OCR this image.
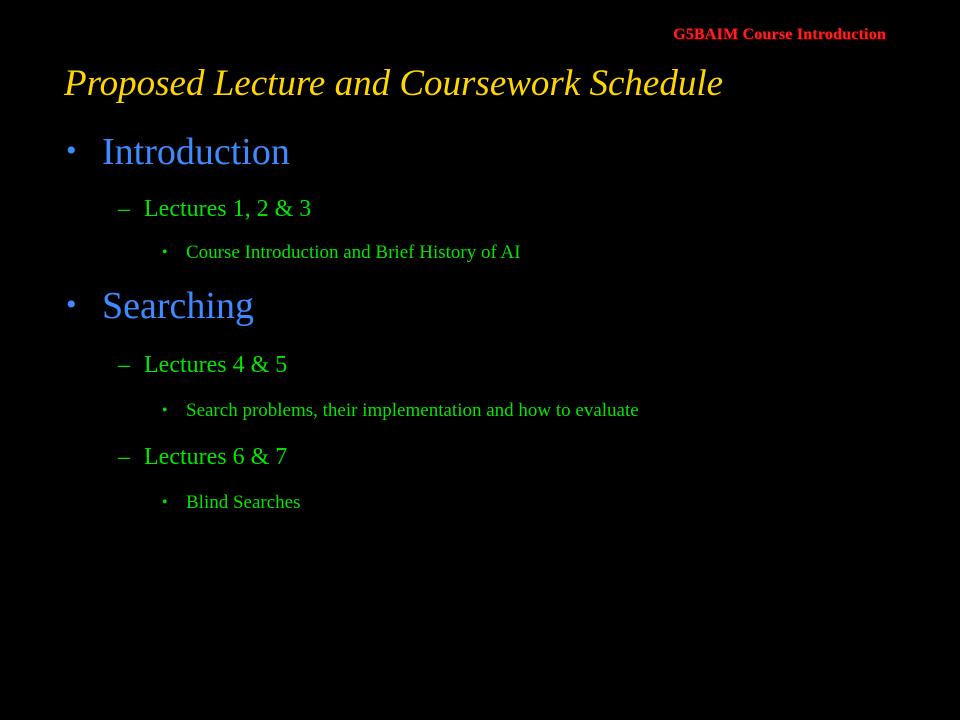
G5BAIM Course Introduction
Proposed Lecture and Coursework Schedule
• Introduction
– Lectures 1, 2 & 3
• Course Introduction and Brief History of AI
• Searching
– Lectures 4 & 5
• Search problems, their implementation and how to evaluate
– Lectures 6 & 7
• Blind Searches
